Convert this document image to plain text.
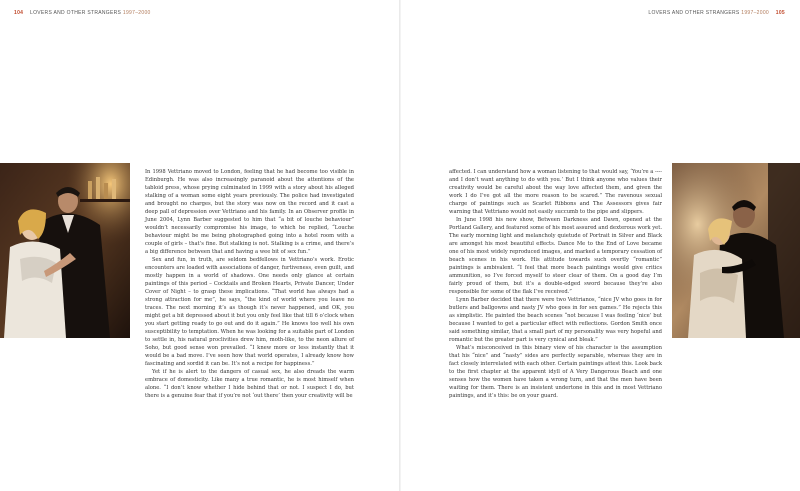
104 LOVERS AND OTHER STRANGERS 1997–2000

In 1998 Vettriano moved to London, feeling that he had become too visible in Edinburgh. He was also increasingly paranoid about the attentions of the tabloid press, whose prying culminated in 1999 with a story about his alleged stalking of a woman some eight years previously. The police had investigated and brought no charges, but the story was now on the record and it cast a deep pall of depression over Vettriano and his family. In an Observer profile in June 2004, Lynn Barber suggested to him that “a bit of louche behaviour” wouldn’t necessarily compromise his image, to which he replied, “Louche behaviour might be me being photographed going into a hotel room with a couple of girls – that’s fine. But stalking is not. Stalking is a crime, and there’s a big difference between that and having a wee bit of sex fun.”

Sex and fun, in truth, are seldom bedfellows in Vettriano’s work. Erotic encounters are loaded with associations of danger, furtiveness, even guilt, and mostly happen in a world of shadows. One needs only glance at certain paintings of this period – Cocktails and Broken Hearts, Private Dancer, Under Cover of Night – to grasp these implications. “That world has always had a strong attraction for me”, he says, “the kind of world where you leave no traces. The next morning it’s as though it’s never happened, and OK, you might get a bit depressed about it but you only feel like that till 6 o’clock when you start getting ready to go out and do it again.” He knows too well his own susceptibility to temptation. When he was looking for a suitable part of London to settle in, his natural proclivities drew him, moth-like, to the neon allure of Soho, but good sense won prevailed. “I knew more or less instantly that it would be a bad move. I’ve seen how that world operates, I already know how fascinating and sordid it can be. It’s not a recipe for happiness.”

Yet if he is alert to the dangers of casual sex, he also dreads the warm embrace of domesticity. Like many a true romantic, he is most himself when alone. “I don’t know whether I hide behind that or not. I suspect I do, but there is a genuine fear that if you’re not ‘out there’ then your creativity will be

LOVERS AND OTHER STRANGERS 1997–2000 105

affected. I can understand how a woman listening to that would say, ‘You’re a ---- and I don’t want anything to do with you.’ But I think anyone who values their creativity would be careful about the way love affected them, and given the work I do I’ve got all the more reason to be scared.” The ravenous sexual charge of paintings such as Scarlet Ribbons and The Assessors gives fair warning that Vettriano would not easily succumb to the pipe and slippers.

In June 1998 his new show, Between Darkness and Dawn, opened at the Portland Gallery, and featured some of his most assured and dexterous work yet. The early morning light and melancholy quietude of Portrait in Silver and Black are amongst his most beautiful effects. Dance Me to the End of Love became one of his most widely reproduced images, and marked a temporary cessation of beach scenes in his work. His attitude towards such overtly “romantic” paintings is ambivalent. “I feel that more beach paintings would give critics ammunition, so I’ve forced myself to steer clear of them. On a good day I’m fairly proud of them, but it’s a double-edged sword because they’re also responsible for some of the flak I’ve received.”

Lynn Barber decided that there were two Vettrianos, “nice JV who goes in for butlers and ballgowns and nasty JV who goes in for sex games.” He rejects this as simplistic. He painted the beach scenes “not because I was feeling ‘nice’ but because I wanted to get a particular effect with reflections. Gordon Smith once said something similar, that a small part of my personality was very hopeful and romantic but the greater part is very cynical and bleak.”

What’s misconceived in this binary view of his character is the assumption that his “nice” and “nasty” sides are perfectly separable, whereas they are in fact closely interrelated with each other. Certain paintings attest this. Look back to the first chapter at the apparent idyll of A Very Dangerous Beach and one senses how the women have taken a wrong turn, and that the men have been waiting for them. There is an insistent undertone in this and in most Vettriano paintings, and it’s this: be on your guard.
